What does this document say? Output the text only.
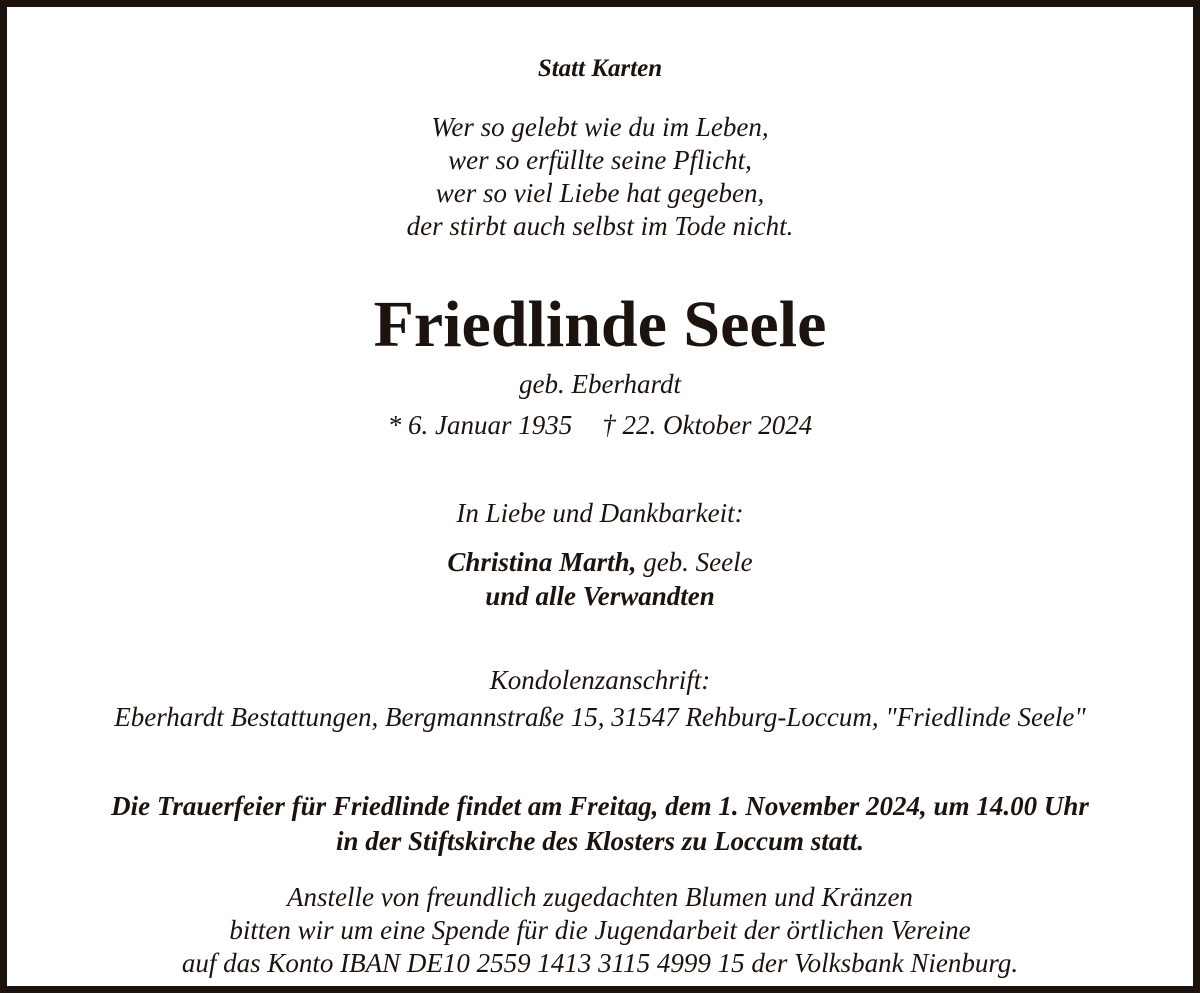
Statt Karten
Wer so gelebt wie du im Leben,
wer so erfüllte seine Pflicht,
wer so viel Liebe hat gegeben,
der stirbt auch selbst im Tode nicht.
Friedlinde Seele
geb. Eberhardt
* 6. Januar 1935 † 22. Oktober 2024
In Liebe und Dankbarkeit:
Christina Marth, geb. Seele
und alle Verwandten
Kondolenzanschrift:
Eberhardt Bestattungen, Bergmannstraße 15, 31547 Rehburg-Loccum, "Friedlinde Seele"
Die Trauerfeier für Friedlinde findet am Freitag, dem 1. November 2024, um 14.00 Uhr
in der Stiftskirche des Klosters zu Loccum statt.
Anstelle von freundlich zugedachten Blumen und Kränzen
bitten wir um eine Spende für die Jugendarbeit der örtlichen Vereine
auf das Konto IBAN DE10 2559 1413 3115 4999 15 der Volksbank Nienburg.
